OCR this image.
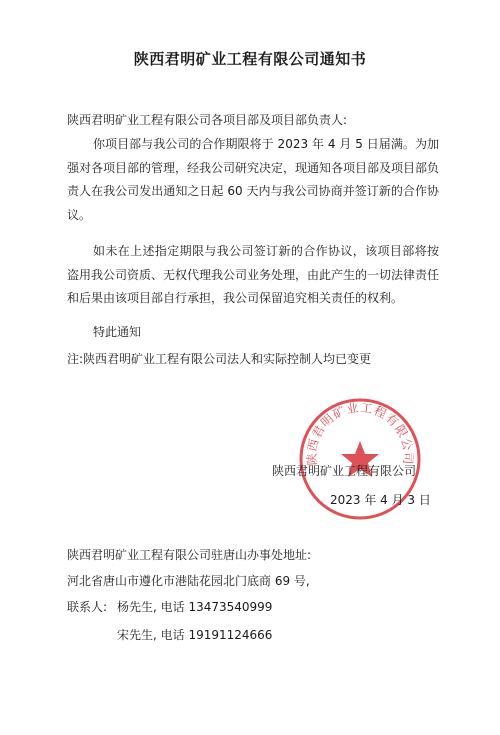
陕西君明矿业工程有限公司通知书
陕西君明矿业工程有限公司各项目部及项目部负责人:

你项目部与我公司的合作期限将于 2023 年 4 月 5 日届满。为加强对各项目部的管理，经我公司研究决定，现通知各项目部及项目部负责人在我公司发出通知之日起 60 天内与我公司协商并签订新的合作协议。

如未在上述指定期限与我公司签订新的合作协议，该项目部将按盗用我公司资质、无权代理我公司业务处理，由此产生的一切法律责任和后果由该项目部自行承担，我公司保留追究相关责任的权利。

特此通知
注:陕西君明矿业工程有限公司法人和实际控制人均已变更
陕西君明矿业工程有限公司
陕西君明矿业工程有限公司
2023 年 4 月 3 日
陕西君明矿业工程有限公司驻唐山办事处地址:
河北省唐山市遵化市港陆花园北门底商 69 号,
联系人: 杨先生, 电话 13473540999
宋先生, 电话 19191124666
